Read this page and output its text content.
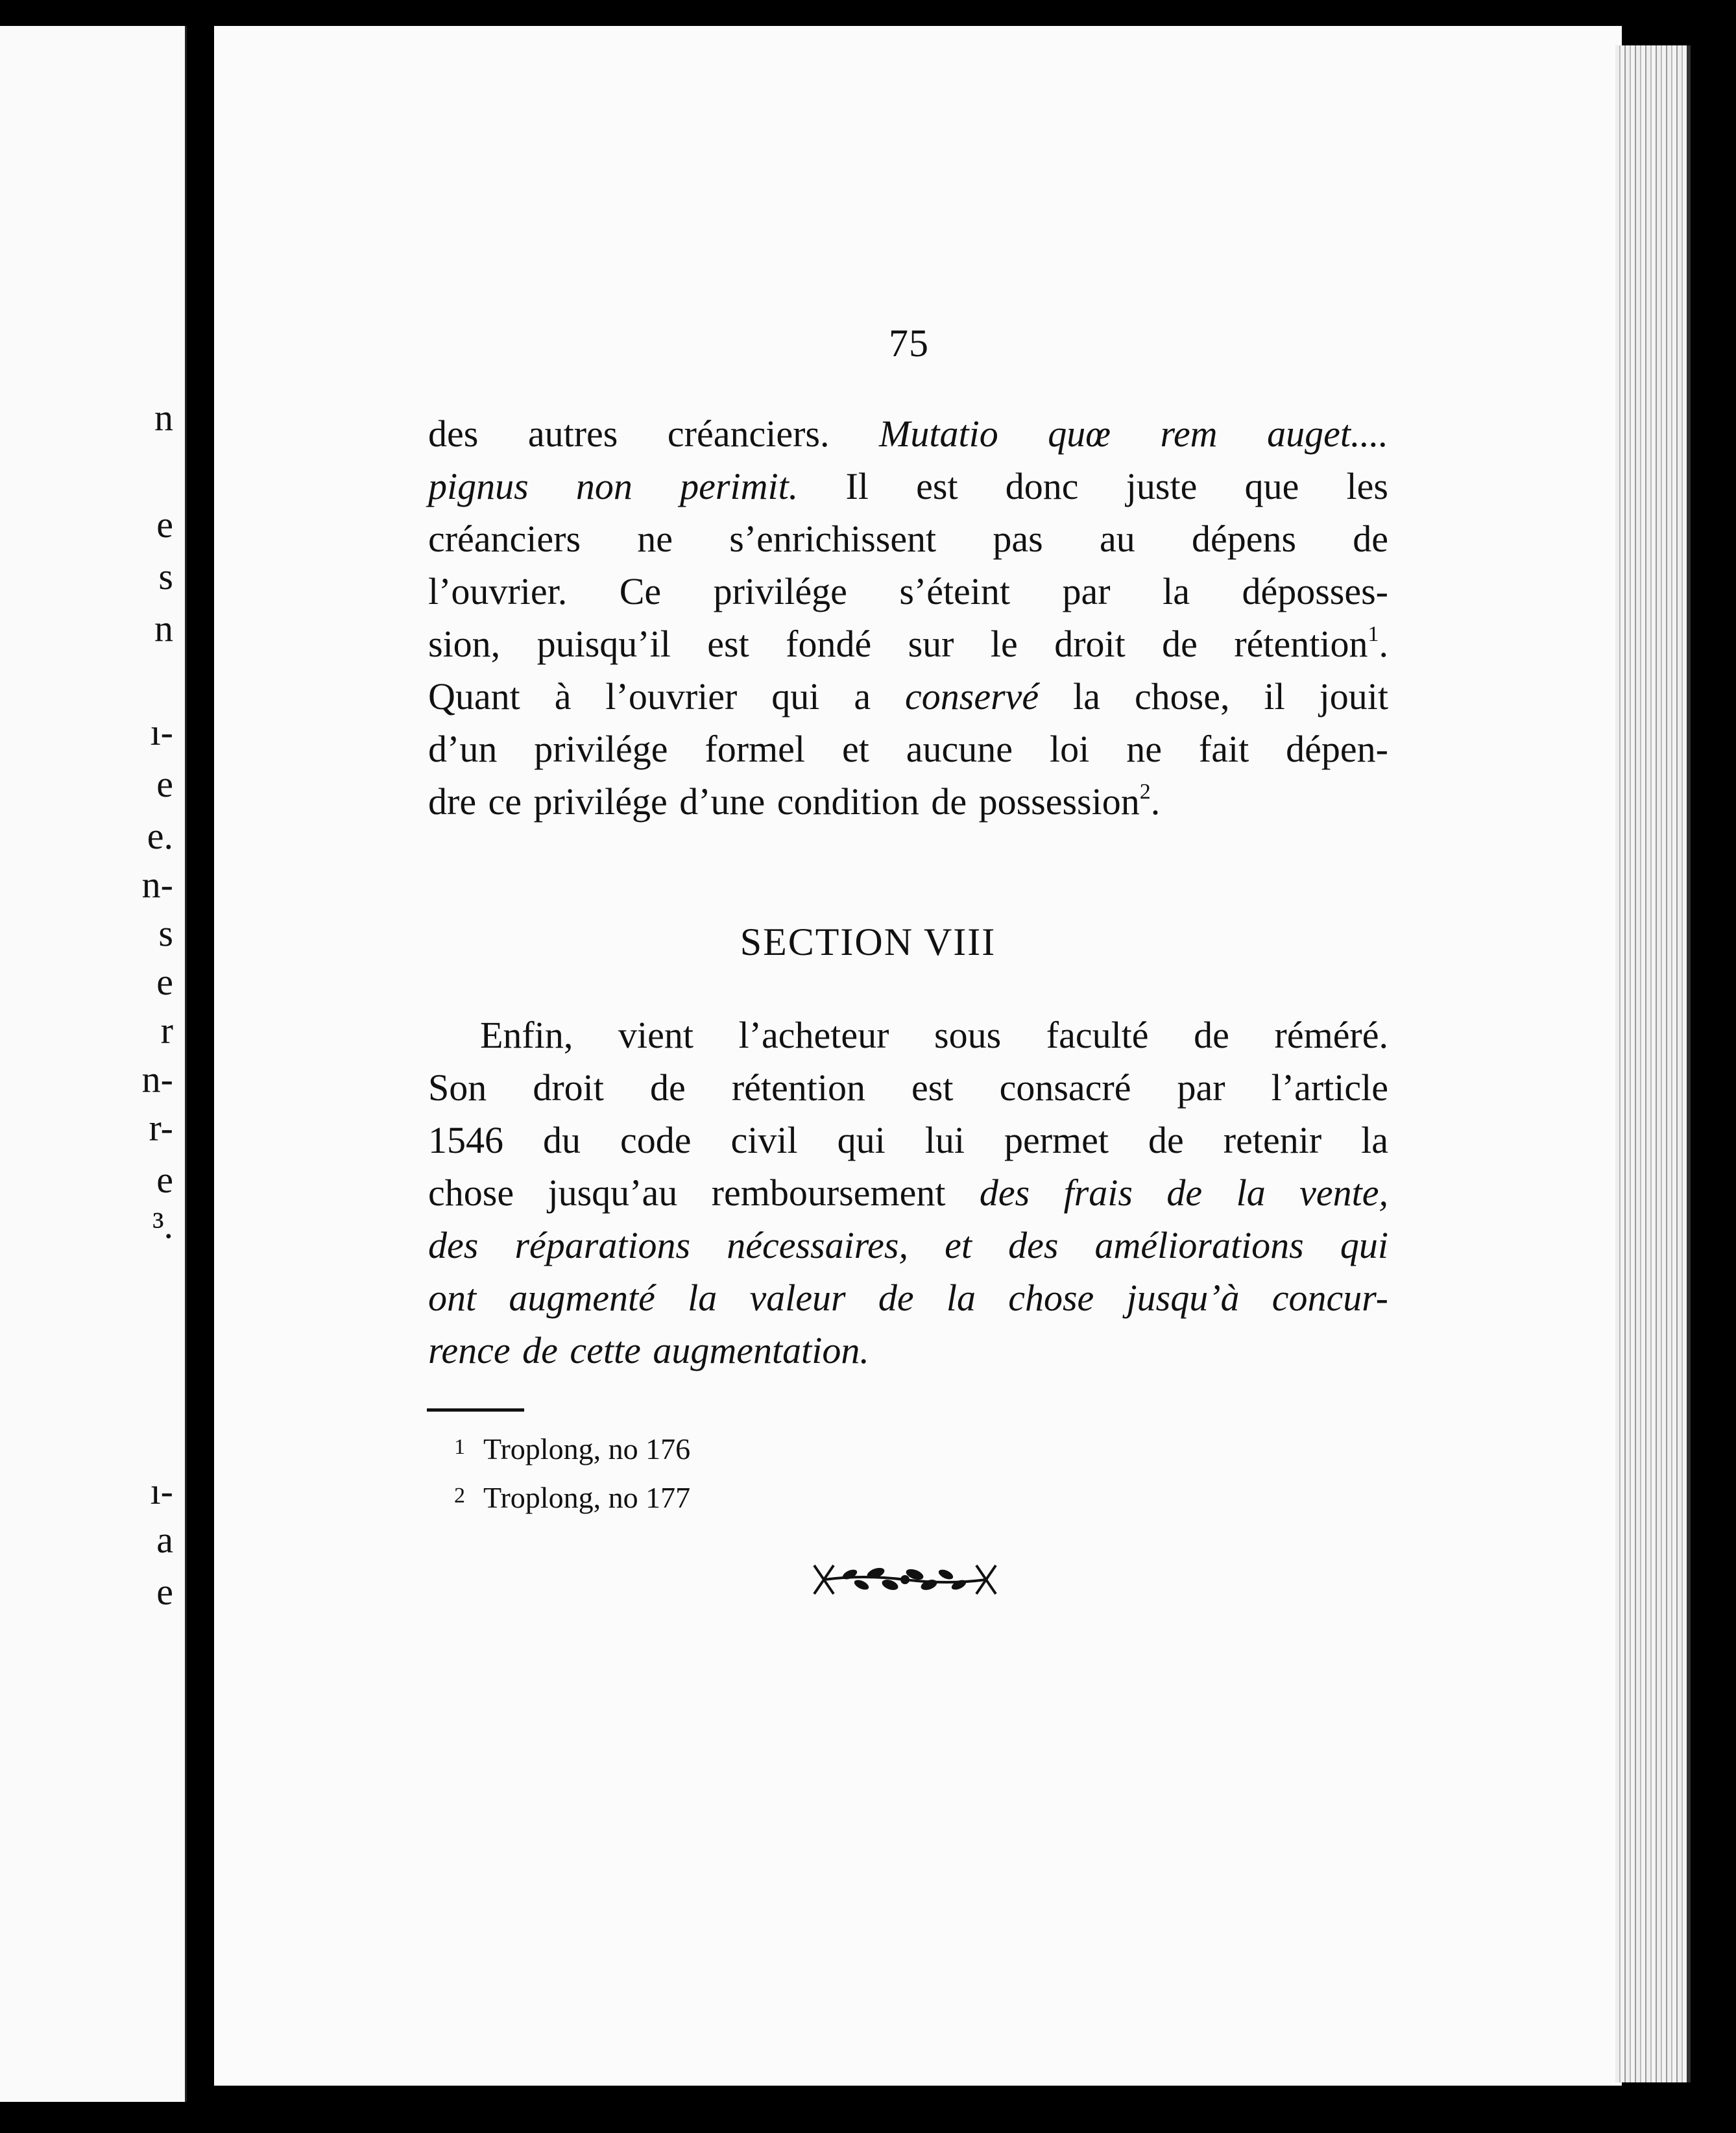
n
e
s
n
ı-
e
e.
n-
s
e
r
n-
r-
e
³.
ı-
a
e
75
des autres créanciers. Mutatio quœ rem auget....
pignus non perimit. Il est donc juste que les
créanciers ne s’enrichissent pas au dépens de
l’ouvrier. Ce privilége s’éteint par la déposses-
sion, puisqu’il est fondé sur le droit de rétention$^1$.
Quant à l’ouvrier qui a conservé la chose, il jouit
d’un privilége formel et aucune loi ne fait dépen-
dre ce privilége d’une condition de possession$^2$.
SECTION VIII
Enfin, vient l’acheteur sous faculté de réméré.
Son droit de rétention est consacré par l’article
1546 du code civil qui lui permet de retenir la
chose jusqu’au remboursement des frais de la vente,
des réparations nécessaires, et des améliorations qui
ont augmenté la valeur de la chose jusqu’à concur-
rence de cette augmentation.
1 Troplong, no 176
2 Troplong, no 177
